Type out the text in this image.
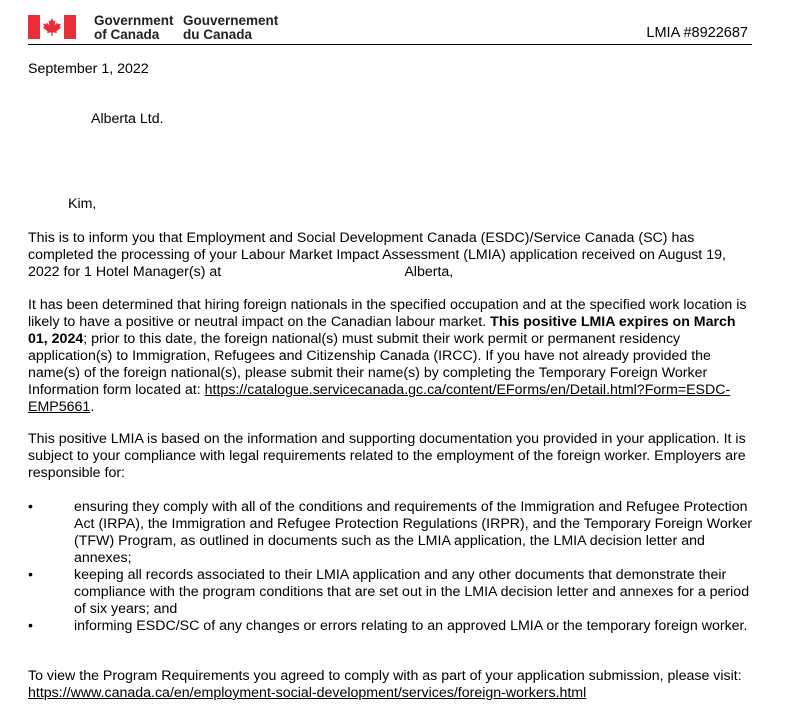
Government
of Canada
Gouvernement
du Canada	LMIA #8922687

September 1, 2022

Alberta Ltd.

Kim,

This is to inform you that Employment and Social Development Canada (ESDC)/Service Canada (SC) has completed the processing of your Labour Market Impact Assessment (LMIA) application received on August 19, 2022 for 1 Hotel Manager(s) at	Alberta,

It has been determined that hiring foreign nationals in the specified occupation and at the specified work location is likely to have a positive or neutral impact on the Canadian labour market. This positive LMIA expires on March 01, 2024; prior to this date, the foreign national(s) must submit their work permit or permanent residency application(s) to Immigration, Refugees and Citizenship Canada (IRCC). If you have not already provided the name(s) of the foreign national(s), please submit their name(s) by completing the Temporary Foreign Worker Information form located at: https://catalogue.servicecanada.gc.ca/content/EForms/en/Detail.html?Form=ESDC-EMP5661.

This positive LMIA is based on the information and supporting documentation you provided in your application. It is subject to your compliance with legal requirements related to the employment of the foreign worker. Employers are responsible for:

•	ensuring they comply with all of the conditions and requirements of the Immigration and Refugee Protection Act (IRPA), the Immigration and Refugee Protection Regulations (IRPR), and the Temporary Foreign Worker (TFW) Program, as outlined in documents such as the LMIA application, the LMIA decision letter and annexes;
•	keeping all records associated to their LMIA application and any other documents that demonstrate their compliance with the program conditions that are set out in the LMIA decision letter and annexes for a period of six years; and
•	informing ESDC/SC of any changes or errors relating to an approved LMIA or the temporary foreign worker.

To view the Program Requirements you agreed to comply with as part of your application submission, please visit: https://www.canada.ca/en/employment-social-development/services/foreign-workers.html
